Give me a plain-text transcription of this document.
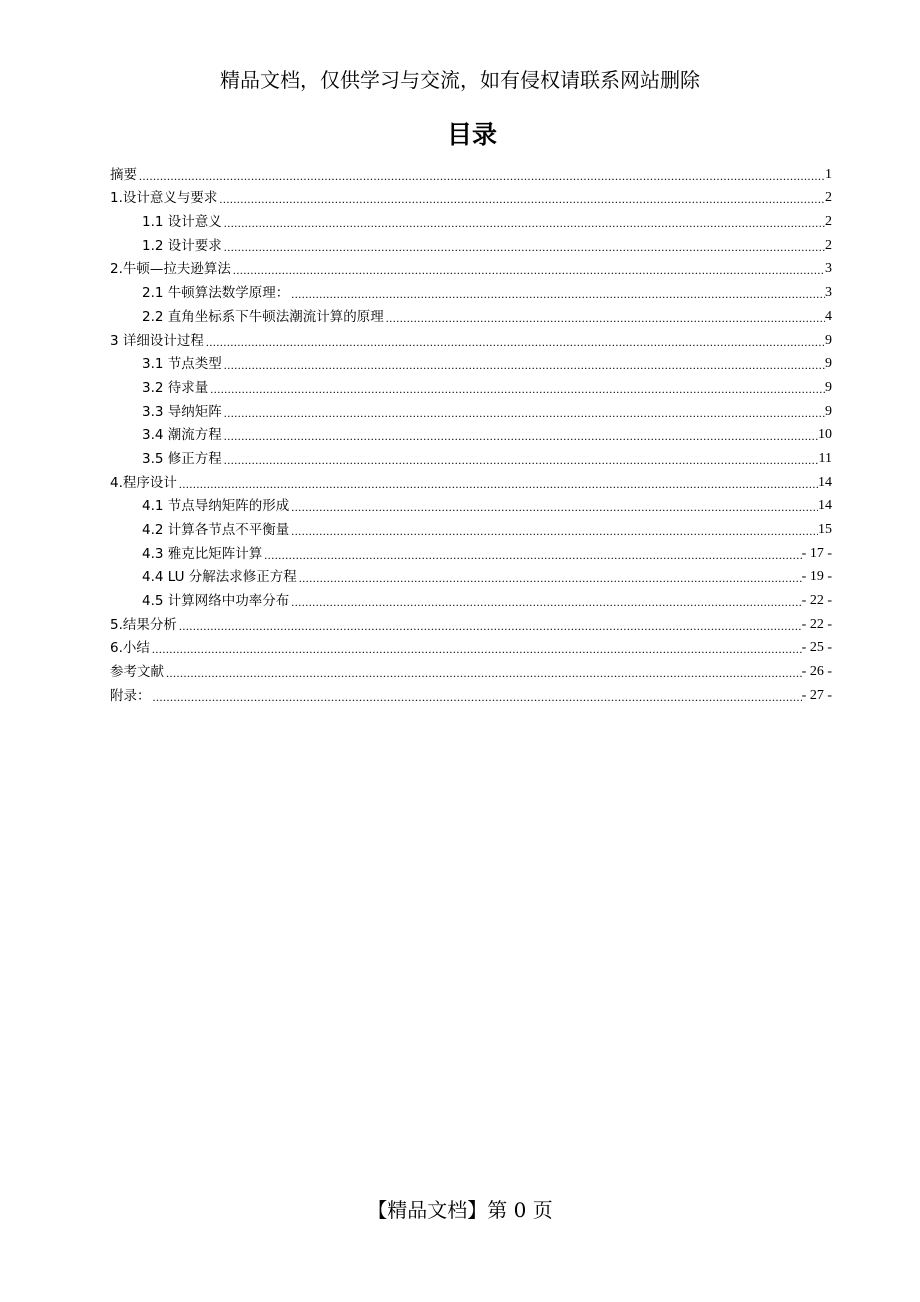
精品文档，仅供学习与交流，如有侵权请联系网站删除
目录
摘要 .....	1
1.设计意义与要求 .....	2
1.1 设计意义 .....	2
1.2 设计要求 .....	2
2.牛顿—拉夫逊算法 .....	3
2.1 牛顿算法数学原理： .....	3
2.2 直角坐标系下牛顿法潮流计算的原理 .....	4
3 详细设计过程 .....	9
3.1 节点类型 .....	9
3.2 待求量 .....	9
3.3 导纳矩阵 .....	9
3.4 潮流方程 .....	10
3.5 修正方程 .....	11
4.程序设计 .....	14
4.1 节点导纳矩阵的形成 .....	14
4.2 计算各节点不平衡量 .....	15
4.3 雅克比矩阵计算 .....	- 17 -
4.4 LU 分解法求修正方程 .....	- 19 -
4.5 计算网络中功率分布 .....	- 22 -
5.结果分析 .....	- 22 -
6.小结 .....	- 25 -
参考文献 .....	- 26 -
附录： .....	- 27 -
【精品文档】第 0 页
